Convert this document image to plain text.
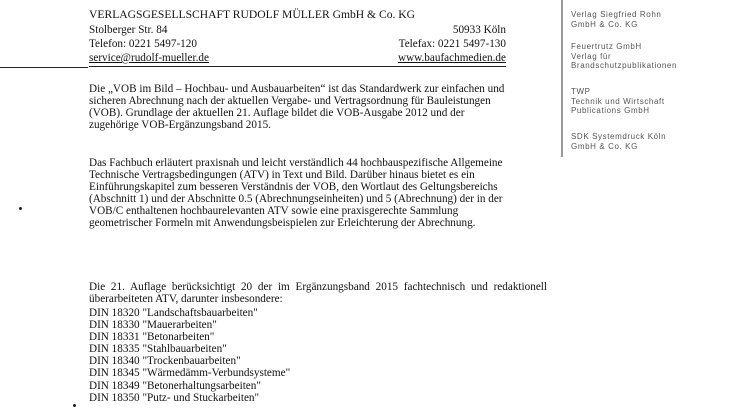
VERLAGSGESELLSCHAFT RUDOLF MÜLLER GmbH & Co. KG
Stolberger Str. 84	50933 Köln
Telefon: 0221 5497-120	Telefax: 0221 5497-130
service@rudolf-mueller.de	www.baufachmedien.de

Die „VOB im Bild – Hochbau- und Ausbauarbeiten“ ist das Standardwerk zur einfachen und sicheren Abrechnung nach der aktuellen Vergabe- und Vertragsordnung für Bauleistungen (VOB). Grundlage der aktuellen 21. Auflage bildet die VOB-Ausgabe 2012 und der zugehörige VOB-Ergänzungsband 2015.

Das Fachbuch erläutert praxisnah und leicht verständlich 44 hochbauspezifische Allgemeine Technische Vertragsbedingungen (ATV) in Text und Bild. Darüber hinaus bietet es ein Einführungskapitel zum besseren Verständnis der VOB, den Wortlaut des Geltungsbereichs (Abschnitt 1) und der Abschnitte 0.5 (Abrechnungseinheiten) und 5 (Abrechnung) der in der VOB/C enthaltenen hochbaurelevanten ATV sowie eine praxisgerechte Sammlung geometrischer Formeln mit Anwendungsbeispielen zur Erleichterung der Abrechnung.

Die 21. Auflage berücksichtigt 20 der im Ergänzungsband 2015 fachtechnisch und redaktionell überarbeiteten ATV, darunter insbesondere:

DIN 18320 "Landschaftsbauarbeiten"
DIN 18330 "Mauerarbeiten"
DIN 18331 "Betonarbeiten"
DIN 18335 "Stahlbauarbeiten"
DIN 18340 "Trockenbauarbeiten"
DIN 18345 "Wärmedämm-Verbundsysteme"
DIN 18349 "Betonerhaltungsarbeiten"
DIN 18350 "Putz- und Stuckarbeiten"
Verlag Siegfried Rohn
GmbH & Co. KG
Feuertrutz GmbH
Verlag für
Brandschutzpublikationen
TWP
Technik und Wirtschaft
Publications GmbH
SDK Systemdruck Köln
GmbH & Co. KG
